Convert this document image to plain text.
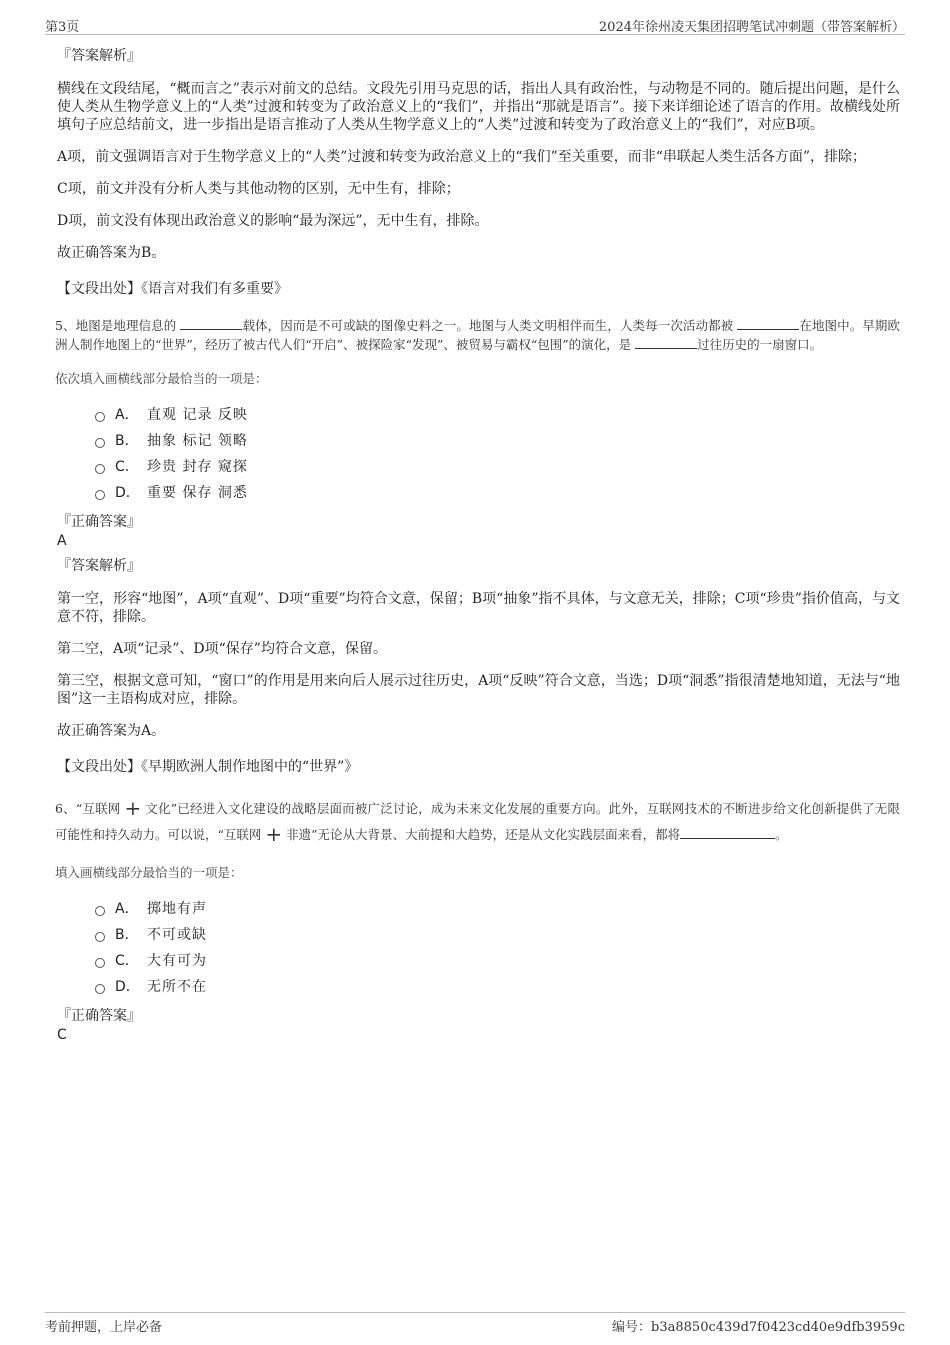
第3页	2024年徐州凌天集团招聘笔试冲刺题（带答案解析）
『答案解析』
横线在文段结尾，“概而言之”表示对前文的总结。文段先引用马克思的话，指出人具有政治性，与动物是不同的。随后提出问题，是什么使人类从生物学意义上的“人类”过渡和转变为了政治意义上的“我们”，并指出“那就是语言”。接下来详细论述了语言的作用。故横线处所填句子应总结前文，进一步指出是语言推动了人类从生物学意义上的“人类”过渡和转变为了政治意义上的“我们”，对应B项。
A项，前文强调语言对于生物学意义上的“人类”过渡和转变为政治意义上的“我们”至关重要，而非“串联起人类生活各方面”，排除；
C项，前文并没有分析人类与其他动物的区别，无中生有，排除；
D项，前文没有体现出政治意义的影响“最为深远”，无中生有，排除。
故正确答案为B。
【文段出处】《语言对我们有多重要》
5、地图是地理信息的	载体，因而是不可或缺的图像史料之一。地图与人类文明相伴而生，人类每一次活动都被	在地图中。早期欧洲人制作地图上的“世界”，经历了被古代人们“开启”、被探险家“发现”、被贸易与霸权“包围”的演化，是	过往历史的一扇窗口。
依次填入画横线部分最恰当的一项是：
A． 直观 记录 反映
B． 抽象 标记 领略
C． 珍贵 封存 窥探
D． 重要 保存 洞悉
『正确答案』
A
『答案解析』
第一空，形容“地图”，A项“直观”、D项“重要”均符合文意，保留；B项“抽象”指不具体，与文意无关，排除；C项“珍贵”指价值高，与文意不符，排除。
第二空，A项“记录”、D项“保存”均符合文意，保留。
第三空，根据文意可知，“窗口”的作用是用来向后人展示过往历史，A项“反映”符合文意，当选；D项“洞悉”指很清楚地知道，无法与“地图”这一主语构成对应，排除。
故正确答案为A。
【文段出处】《早期欧洲人制作地图中的“世界”》
6、“互联网 + 文化”已经进入文化建设的战略层面而被广泛讨论，成为未来文化发展的重要方向。此外，互联网技术的不断进步给文化创新提供了无限可能性和持久动力。可以说，“互联网 + 非遗”无论从大背景、大前提和大趋势，还是从文化实践层面来看，都将	。
填入画横线部分最恰当的一项是：
A． 掷地有声
B． 不可或缺
C． 大有可为
D． 无所不在
『正确答案』
C
考前押题，上岸必备	编号：b3a8850c439d7f0423cd40e9dfb3959c
